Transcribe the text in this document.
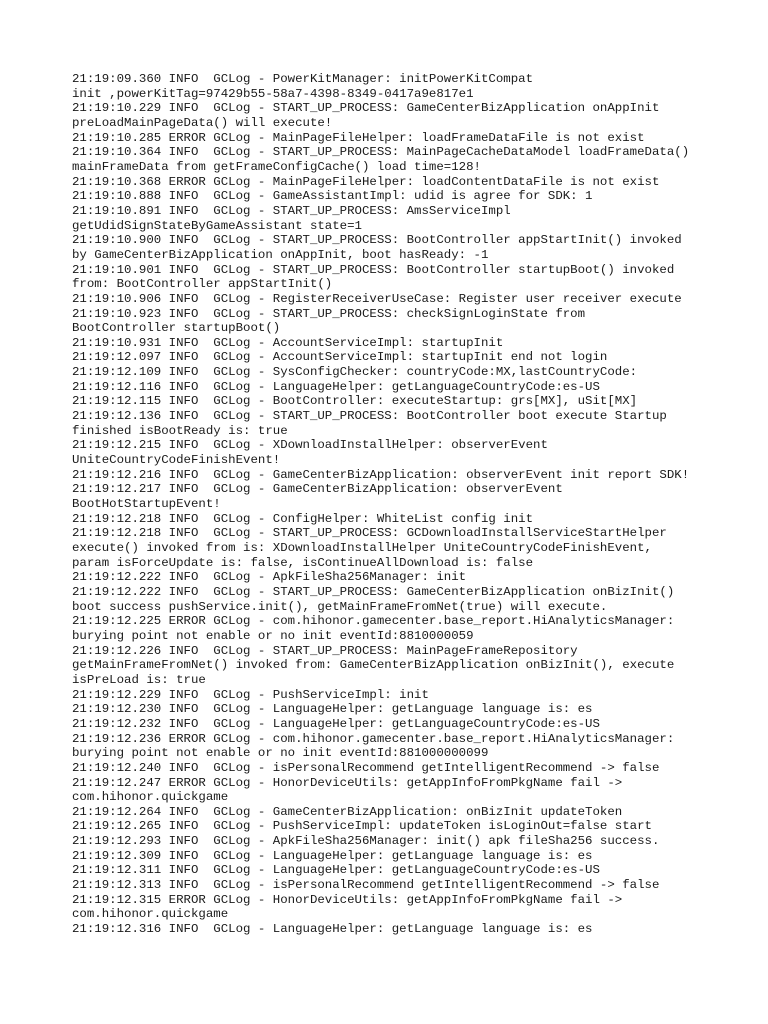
21:19:09.360 INFO  GCLog - PowerKitManager: initPowerKitCompat
init ,powerKitTag=97429b55-58a7-4398-8349-0417a9e817e1
21:19:10.229 INFO  GCLog - START_UP_PROCESS: GameCenterBizApplication onAppInit
preLoadMainPageData() will execute!
21:19:10.285 ERROR GCLog - MainPageFileHelper: loadFrameDataFile is not exist
21:19:10.364 INFO  GCLog - START_UP_PROCESS: MainPageCacheDataModel loadFrameData()
mainFrameData from getFrameConfigCache() load time=128!
21:19:10.368 ERROR GCLog - MainPageFileHelper: loadContentDataFile is not exist
21:19:10.888 INFO  GCLog - GameAssistantImpl: udid is agree for SDK: 1
21:19:10.891 INFO  GCLog - START_UP_PROCESS: AmsServiceImpl
getUdidSignStateByGameAssistant state=1
21:19:10.900 INFO  GCLog - START_UP_PROCESS: BootController appStartInit() invoked
by GameCenterBizApplication onAppInit, boot hasReady: -1
21:19:10.901 INFO  GCLog - START_UP_PROCESS: BootController startupBoot() invoked
from: BootController appStartInit()
21:19:10.906 INFO  GCLog - RegisterReceiverUseCase: Register user receiver execute
21:19:10.923 INFO  GCLog - START_UP_PROCESS: checkSignLoginState from
BootController startupBoot()
21:19:10.931 INFO  GCLog - AccountServiceImpl: startupInit
21:19:12.097 INFO  GCLog - AccountServiceImpl: startupInit end not login
21:19:12.109 INFO  GCLog - SysConfigChecker: countryCode:MX,lastCountryCode:
21:19:12.116 INFO  GCLog - LanguageHelper: getLanguageCountryCode:es-US
21:19:12.115 INFO  GCLog - BootController: executeStartup: grs[MX], uSit[MX]
21:19:12.136 INFO  GCLog - START_UP_PROCESS: BootController boot execute Startup
finished isBootReady is: true
21:19:12.215 INFO  GCLog - XDownloadInstallHelper: observerEvent
UniteCountryCodeFinishEvent!
21:19:12.216 INFO  GCLog - GameCenterBizApplication: observerEvent init report SDK!
21:19:12.217 INFO  GCLog - GameCenterBizApplication: observerEvent
BootHotStartupEvent!
21:19:12.218 INFO  GCLog - ConfigHelper: WhiteList config init
21:19:12.218 INFO  GCLog - START_UP_PROCESS: GCDownloadInstallServiceStartHelper
execute() invoked from is: XDownloadInstallHelper UniteCountryCodeFinishEvent,
param isForceUpdate is: false, isContinueAllDownload is: false
21:19:12.222 INFO  GCLog - ApkFileSha256Manager: init
21:19:12.222 INFO  GCLog - START_UP_PROCESS: GameCenterBizApplication onBizInit()
boot success pushService.init(), getMainFrameFromNet(true) will execute.
21:19:12.225 ERROR GCLog - com.hihonor.gamecenter.base_report.HiAnalyticsManager:
burying point not enable or no init eventId:8810000059
21:19:12.226 INFO  GCLog - START_UP_PROCESS: MainPageFrameRepository
getMainFrameFromNet() invoked from: GameCenterBizApplication onBizInit(), execute
isPreLoad is: true
21:19:12.229 INFO  GCLog - PushServiceImpl: init
21:19:12.230 INFO  GCLog - LanguageHelper: getLanguage language is: es
21:19:12.232 INFO  GCLog - LanguageHelper: getLanguageCountryCode:es-US
21:19:12.236 ERROR GCLog - com.hihonor.gamecenter.base_report.HiAnalyticsManager:
burying point not enable or no init eventId:881000000099
21:19:12.240 INFO  GCLog - isPersonalRecommend getIntelligentRecommend -> false
21:19:12.247 ERROR GCLog - HonorDeviceUtils: getAppInfoFromPkgName fail ->
com.hihonor.quickgame
21:19:12.264 INFO  GCLog - GameCenterBizApplication: onBizInit updateToken
21:19:12.265 INFO  GCLog - PushServiceImpl: updateToken isLoginOut=false start
21:19:12.293 INFO  GCLog - ApkFileSha256Manager: init() apk fileSha256 success.
21:19:12.309 INFO  GCLog - LanguageHelper: getLanguage language is: es
21:19:12.311 INFO  GCLog - LanguageHelper: getLanguageCountryCode:es-US
21:19:12.313 INFO  GCLog - isPersonalRecommend getIntelligentRecommend -> false
21:19:12.315 ERROR GCLog - HonorDeviceUtils: getAppInfoFromPkgName fail ->
com.hihonor.quickgame
21:19:12.316 INFO  GCLog - LanguageHelper: getLanguage language is: es
